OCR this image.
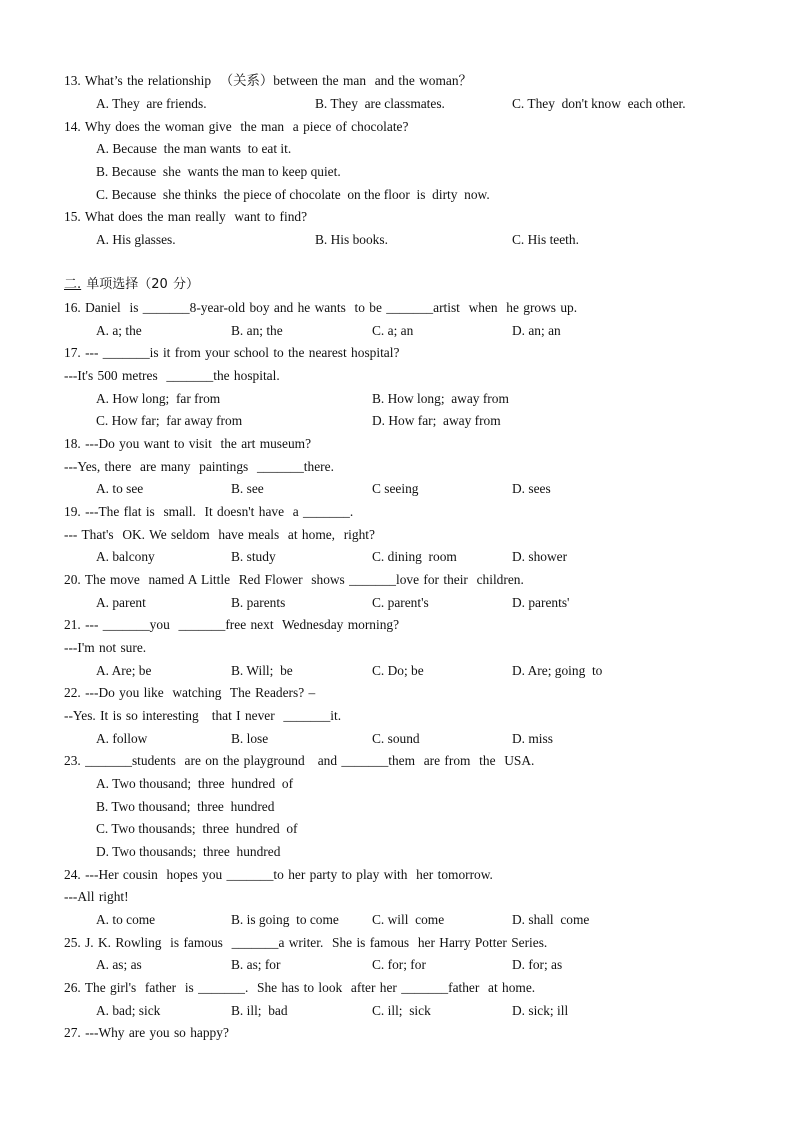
13. What’s the relationship  （关系）between the man  and the woman？

A. They  are friends.

	B. They  are classmates.

	C. They  don't know  each other.

14. Why does the woman give  the man  a piece of chocolate?
A. Because  the man wants  to eat it.
B. Because  she  wants the man to keep quiet.
C. Because  she thinks  the piece of chocolate  on the floor  is  dirty  now.
15. What does the man really  want to find?

A. His glasses.

	B. His books.

	C. His teeth.

二. 单项选择（20 分）
16. Daniel  is _______8-year-old boy and he wants  to be _______artist  when  he grows up.

A. a; the

	B. an; the

	C. a; an

	D. an; an

17. --- _______is it from your school to the nearest hospital?
---It's 500 metres  _______the hospital.

A. How long;  far from

	B. How long;  away from

C. How far;  far away from

	D. How far;  away from

18. ---Do you want to visit  the art museum?
---Yes, there  are many  paintings  _______there.

A. to see

	B. see

	C seeing

	D. sees

19. ---The flat is  small.  It doesn't have  a _______.
--- That's  OK. We seldom  have meals  at home,  right?

A. balcony

	B. study

	C. dining  room

	D. shower

20. The move  named A Little  Red Flower  shows _______love for their  children.

A. parent

	B. parents

	C. parent's

	D. parents'

21. --- _______you  _______free next  Wednesday morning?
---I'm not sure.

A. Are; be

	B. Will;  be

	C. Do; be

	D. Are; going  to

22. ---Do you like  watching  The Readers? –
--Yes. It is so interesting   that I never  _______it.

A. follow

	B. lose

	C. sound

	D. miss

23. _______students  are on the playground   and _______them  are from  the  USA.
A. Two thousand;  three  hundred  of
B. Two thousand;  three  hundred
C. Two thousands;  three  hundred  of
D. Two thousands;  three  hundred
24. ---Her cousin  hopes you _______to her party to play with  her tomorrow.
---All right!

A. to come

	B. is going  to come

C. will  come

	D. shall  come

25. J. K. Rowling  is famous  _______a writer.  She is famous  her Harry Potter Series.

A. as; as

	B. as; for

	C. for; for

	D. for; as

26. The girl's  father  is _______.  She has to look  after her _______father  at home.

A. bad; sick

	B. ill;  bad

	C. ill;  sick

	D. sick; ill

27. ---Why are you so happy?
